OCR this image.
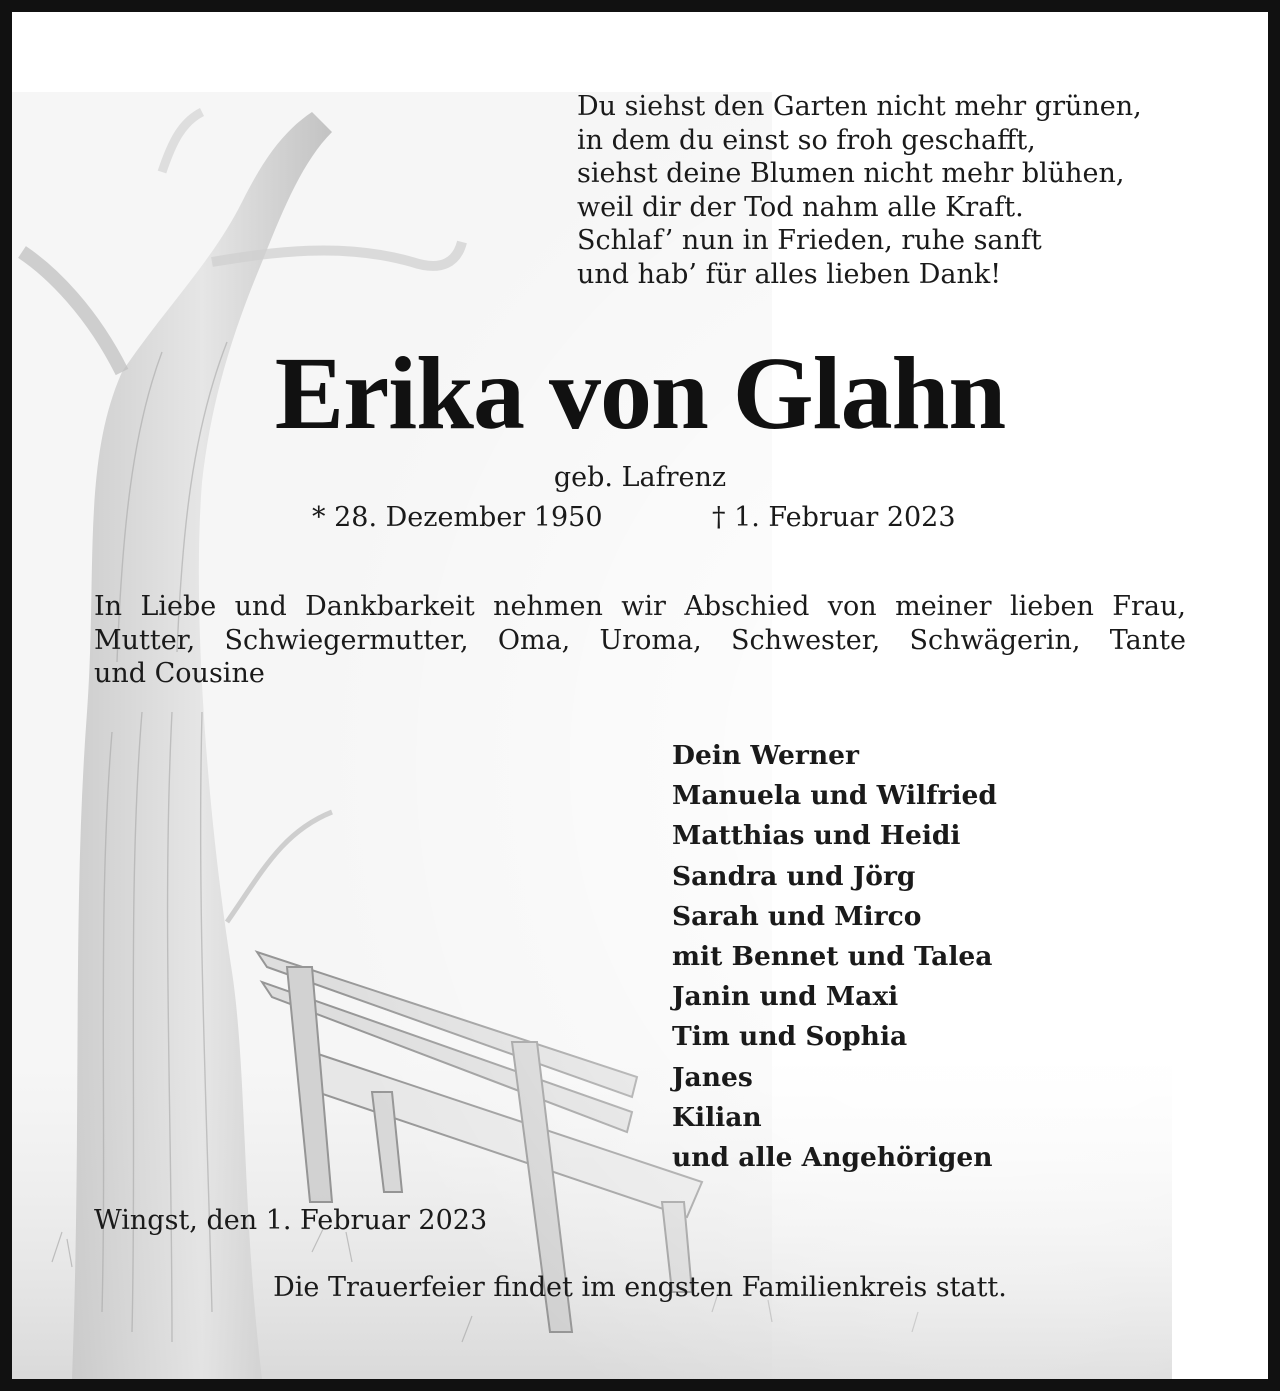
Du siehst den Garten nicht mehr grünen,
in dem du einst so froh geschafft,
siehst deine Blumen nicht mehr blühen,
weil dir der Tod nahm alle Kraft.
Schlaf’ nun in Frieden, ruhe sanft
und hab’ für alles lieben Dank!
Erika von Glahn
geb. Lafrenz
* 28. Dezember 1950	† 1. Februar 2023
In Liebe und Dankbarkeit nehmen wir Abschied von meiner lieben Frau,
Mutter, Schwiegermutter, Oma, Uroma, Schwester, Schwägerin, Tante
und Cousine
Dein Werner
Manuela und Wilfried
Matthias und Heidi
Sandra und Jörg
Sarah und Mirco
mit Bennet und Talea
Janin und Maxi
Tim und Sophia
Janes
Kilian
und alle Angehörigen
Wingst, den 1. Februar 2023
Die Trauerfeier findet im engsten Familienkreis statt.
